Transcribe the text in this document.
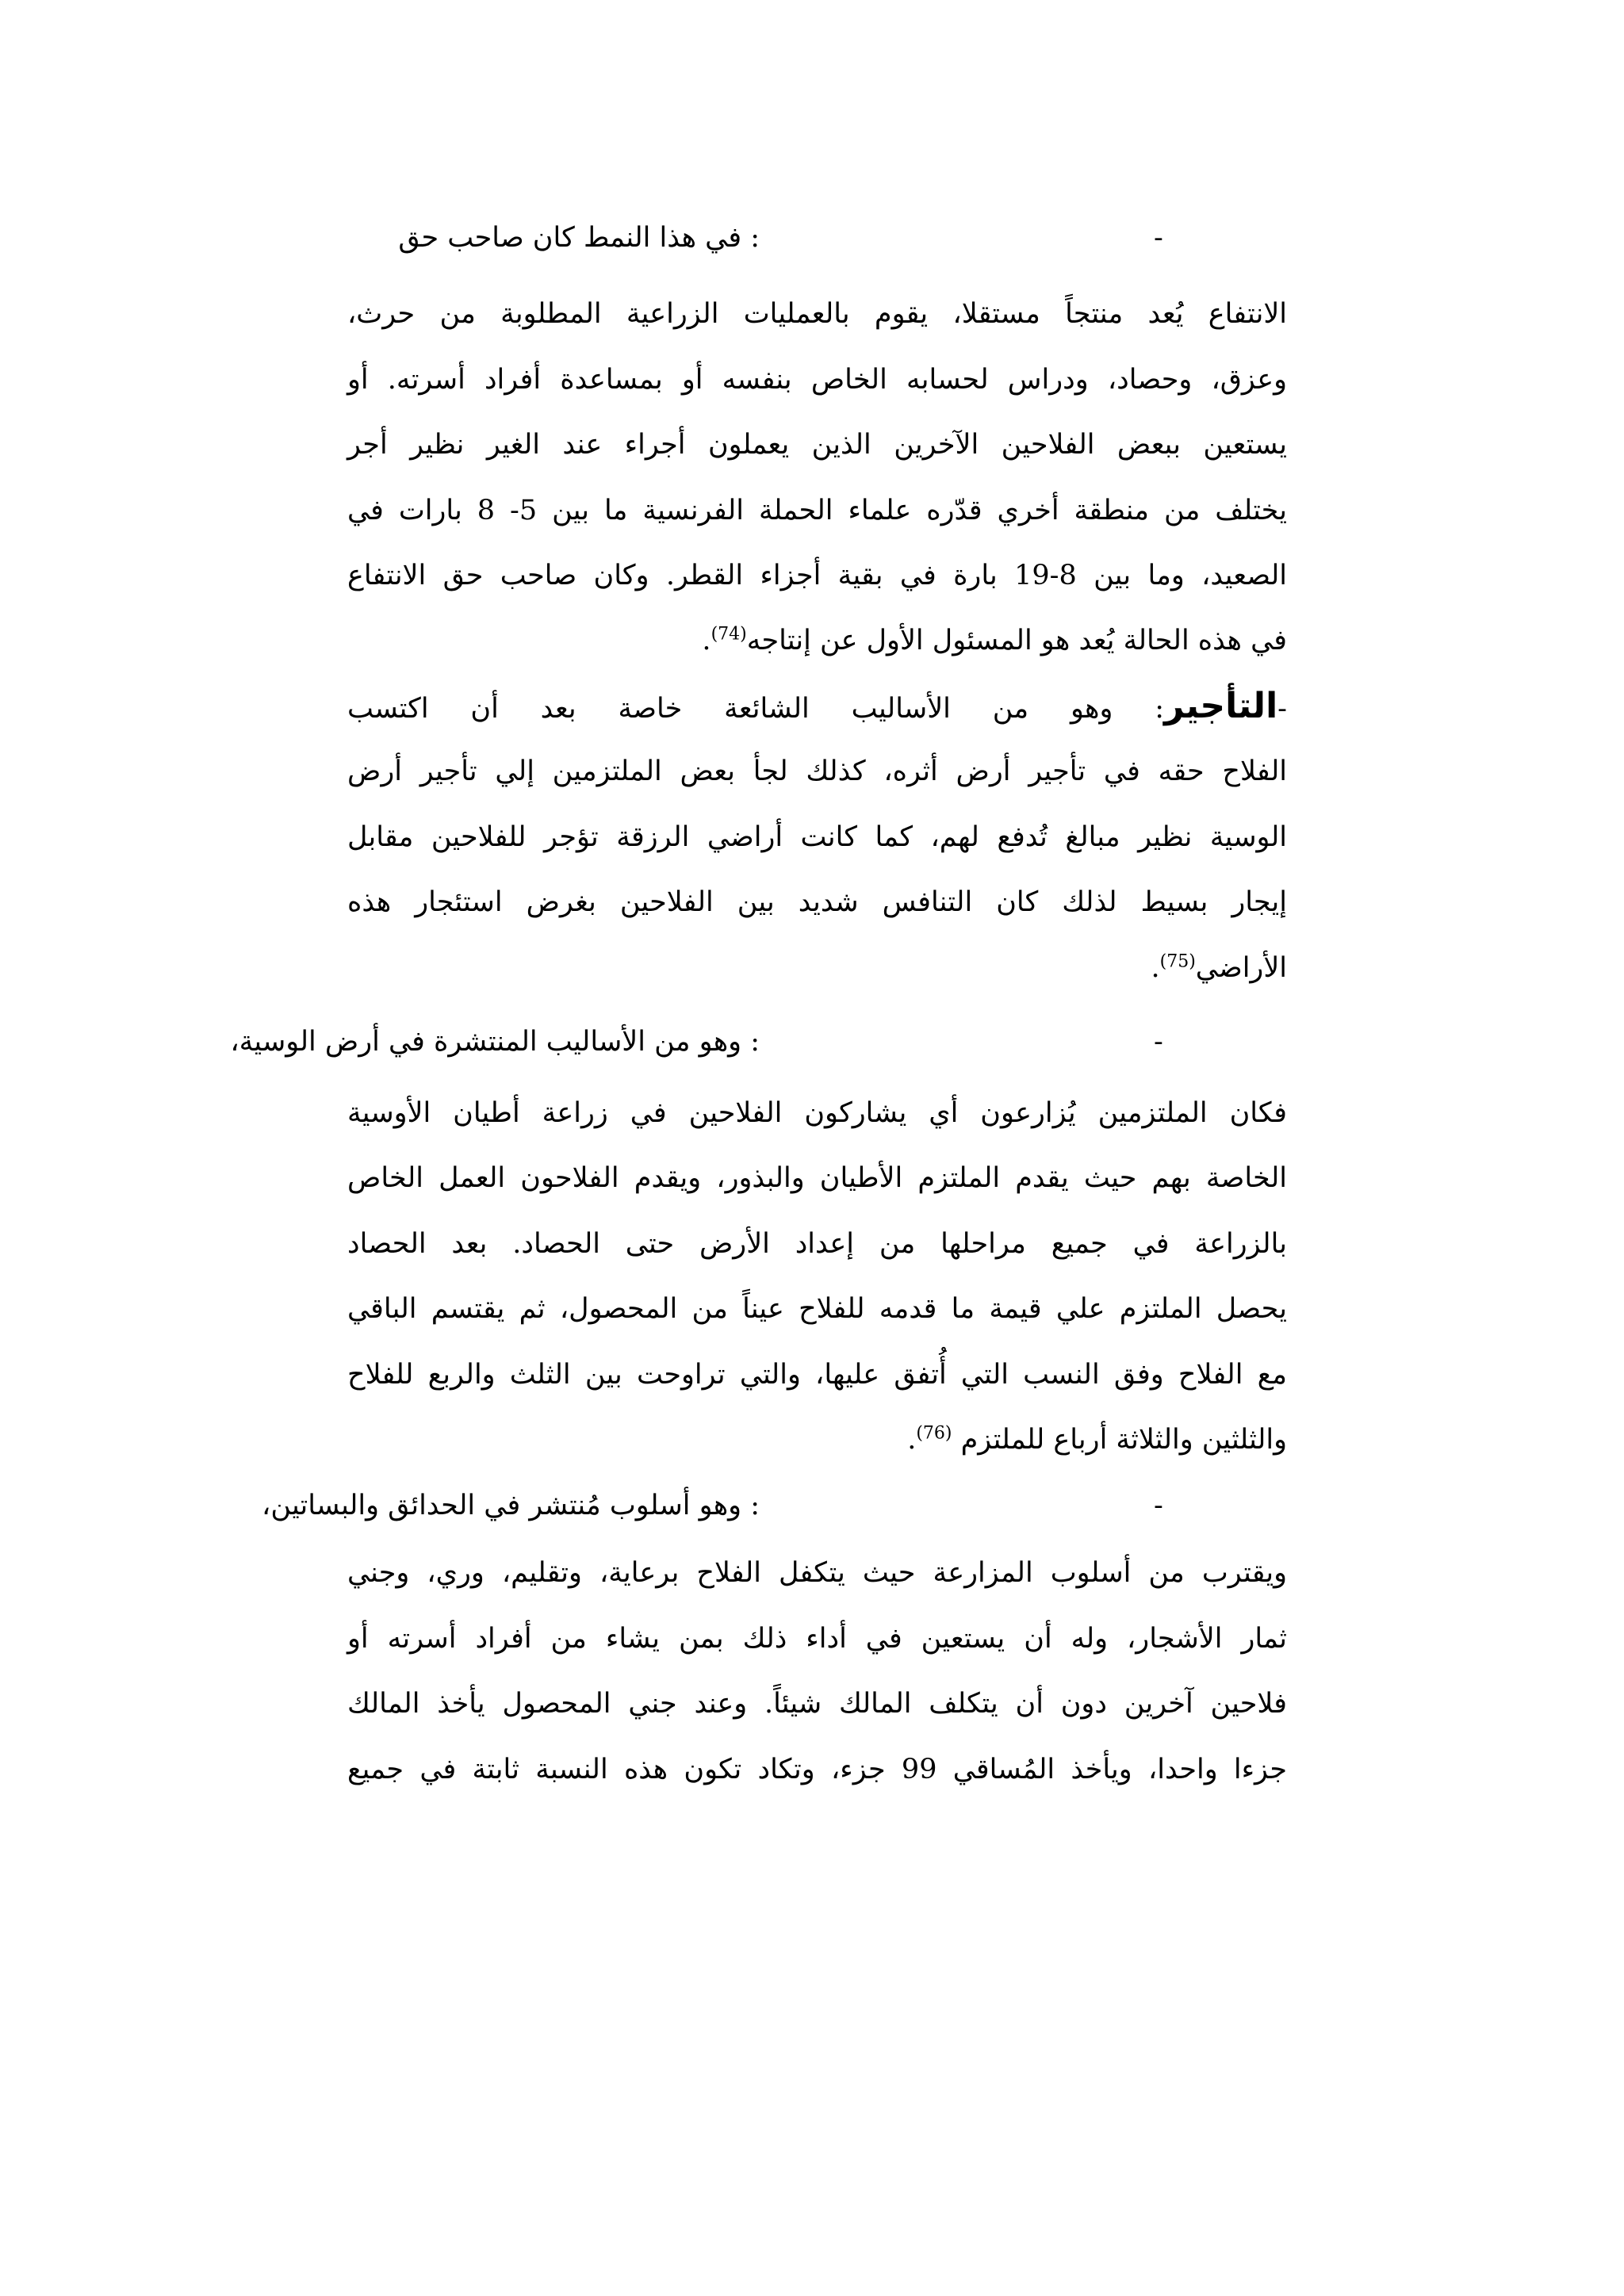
-
: في هذا النمط كان صاحب حق
الانتفاع يُعد منتجاً مستقلا، يقوم بالعمليات الزراعية المطلوبة من حرث،
وعزق، وحصاد، ودراس لحسابه الخاص بنفسه أو بمساعدة أفراد أسرته. أو
يستعين ببعض الفلاحين الآخرين الذين يعملون أجراء عند الغير نظير أجر
يختلف من منطقة أخري قدّره علماء الحملة الفرنسية ما بين 5- 8 بارات في
الصعيد، وما بين 8-19 بارة في بقية أجزاء القطر. وكان صاحب حق الانتفاع
في هذه الحالة يُعد هو المسئول الأول عن إنتاجه$^{(74)}$.
-التأجير: وهو من الأساليب الشائعة خاصة بعد أن اكتسب
الفلاح حقه في تأجير أرض أثره، كذلك لجأ بعض الملتزمين إلي تأجير أرض
الوسية نظير مبالغ تُدفع لهم، كما كانت أراضي الرزقة تؤجر للفلاحين مقابل
إيجار بسيط لذلك كان التنافس شديد بين الفلاحين بغرض استئجار هذه
الأراضي$^{(75)}$.
-
: وهو من الأساليب المنتشرة في أرض الوسية،
فكان الملتزمين يُزارعون أي يشاركون الفلاحين في زراعة أطيان الأوسية
الخاصة بهم حيث يقدم الملتزم الأطيان والبذور، ويقدم الفلاحون العمل الخاص
بالزراعة في جميع مراحلها من إعداد الأرض حتى الحصاد. بعد الحصاد
يحصل الملتزم علي قيمة ما قدمه للفلاح عيناً من المحصول، ثم يقتسم الباقي
مع الفلاح وفق النسب التي أُتفق عليها، والتي تراوحت بين الثلث والربع للفلاح
والثلثين والثلاثة أرباع للملتزم $^{(76)}$.
-
: وهو أسلوب مُنتشر في الحدائق والبساتين،
ويقترب من أسلوب المزارعة حيث يتكفل الفلاح برعاية، وتقليم، وري، وجني
ثمار الأشجار، وله أن يستعين في أداء ذلك بمن يشاء من أفراد أسرته أو
فلاحين آخرين دون أن يتكلف المالك شيئاً. وعند جني المحصول يأخذ المالك
جزءا واحدا، ويأخذ المُساقي 99 جزء، وتكاد تكون هذه النسبة ثابتة في جميع
